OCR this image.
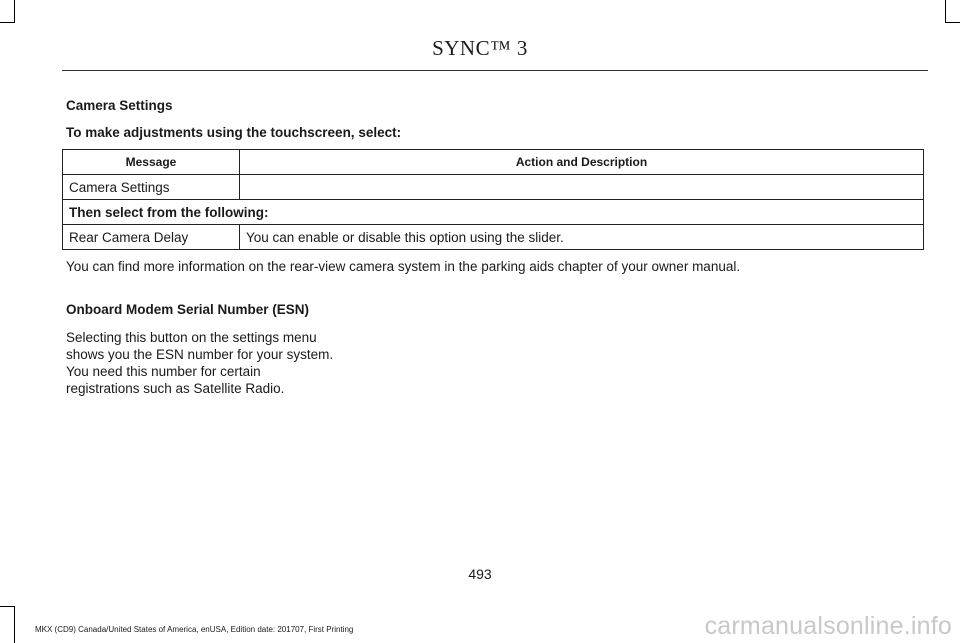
SYNC™ 3
Camera Settings
To make adjustments using the touchscreen, select:
Message	Action and Description
Camera Settings	
Then select from the following:	
Rear Camera Delay	You can enable or disable this option using the slider.
You can find more information on the rear-view camera system in the parking aids chapter of your owner manual.
Onboard Modem Serial Number (ESN)
Selecting this button on the settings menu
shows you the ESN number for your system.
You need this number for certain
registrations such as Satellite Radio.
493
MKX (CD9) Canada/United States of America, enUSA, Edition date: 201707, First Printing	carmanualsonline.info
